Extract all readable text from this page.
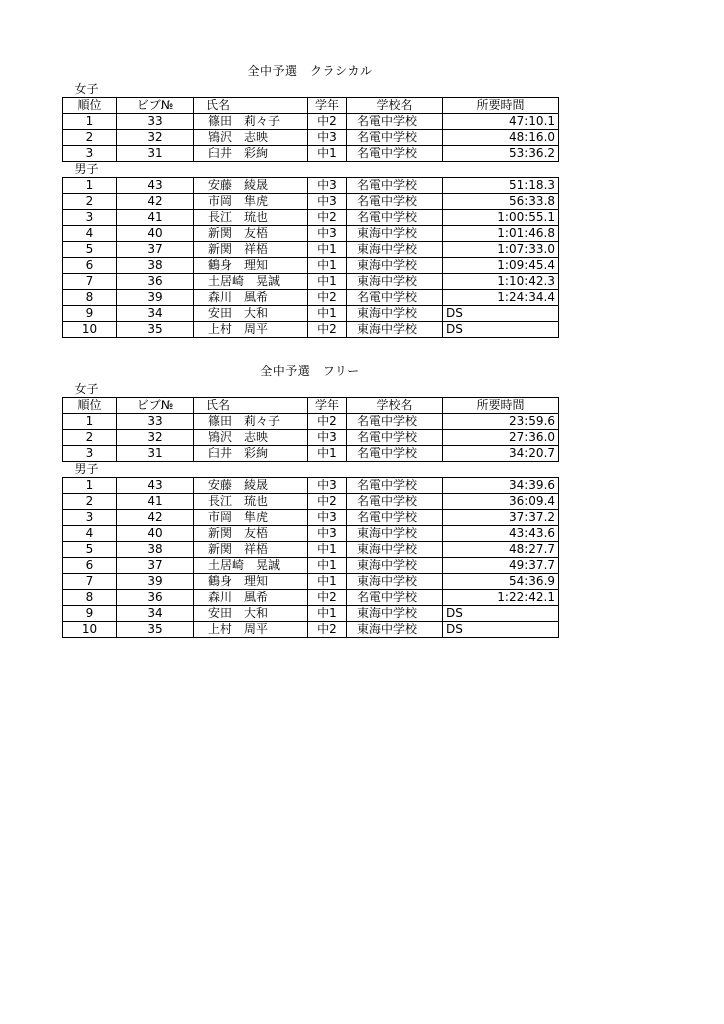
全中予選　クラシカル
女子					
順位	ビブ№	氏名	学年	学校名	所要時間
1	33	篠田　莉々子	中2	名電中学校	47:10.1
2	32	鴇沢　志映	中3	名電中学校	48:16.0
3	31	臼井　彩絢	中1	名電中学校	53:36.2
男子					
1	43	安藤　綾晟	中3	名電中学校	51:18.3
2	42	市岡　隼虎	中3	名電中学校	56:33.8
3	41	長江　琉也	中2	名電中学校	1:00:55.1
4	40	新関　友梧	中3	東海中学校	1:01:46.8
5	37	新関　祥梧	中1	東海中学校	1:07:33.0
6	38	鶴身　理知	中1	東海中学校	1:09:45.4
7	36	土居崎　晃誠	中1	東海中学校	1:10:42.3
8	39	森川　風希	中2	名電中学校	1:24:34.4
9	34	安田　大和	中1	東海中学校	DS
10	35	上村　周平	中2	東海中学校	DS
全中予選　フリー
女子					
順位	ビブ№	氏名	学年	学校名	所要時間
1	33	篠田　莉々子	中2	名電中学校	23:59.6
2	32	鴇沢　志映	中3	名電中学校	27:36.0
3	31	臼井　彩絢	中1	名電中学校	34:20.7
男子					
1	43	安藤　綾晟	中3	名電中学校	34:39.6
2	41	長江　琉也	中2	名電中学校	36:09.4
3	42	市岡　隼虎	中3	名電中学校	37:37.2
4	40	新関　友梧	中3	東海中学校	43:43.6
5	38	新関　祥梧	中1	東海中学校	48:27.7
6	37	土居崎　晃誠	中1	東海中学校	49:37.7
7	39	鶴身　理知	中1	東海中学校	54:36.9
8	36	森川　風希	中2	名電中学校	1:22:42.1
9	34	安田　大和	中1	東海中学校	DS
10	35	上村　周平	中2	東海中学校	DS
